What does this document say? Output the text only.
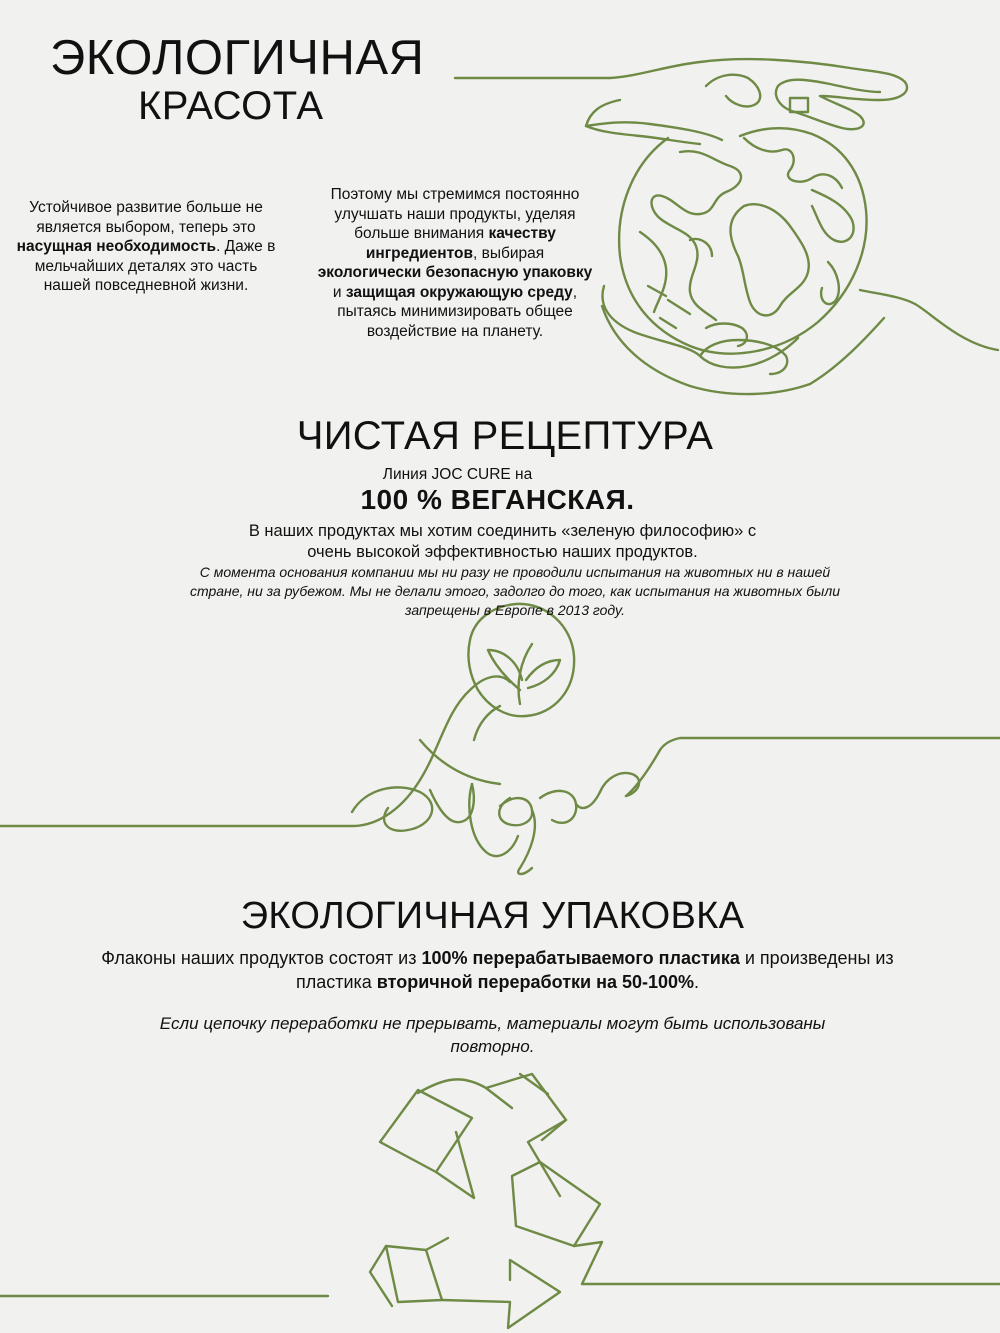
ЭКОЛОГИЧНАЯ
КРАСОТА
Устойчивое развитие больше не является выбором, теперь это насущная необходимость. Даже в мельчайших деталях это часть нашей повседневной жизни.
Поэтому мы стремимся постоянно улучшать наши продукты, уделяя больше внимания качеству ингредиентов, выбирая экологически безопасную упаковку и защищая окружающую среду, пытаясь минимизировать общее воздействие на планету.
ЧИСТАЯ РЕЦЕПТУРА
Линия JOC CURE на
100 % ВЕГАНСКАЯ.
В наших продуктах мы хотим соединить «зеленую философию» с очень высокой эффективностью наших продуктов.
С момента основания компании мы ни разу не проводили испытания на животных ни в нашей стране, ни за рубежом. Мы не делали этого, задолго до того, как испытания на животных были запрещены в Европе в 2013 году.
ЭКОЛОГИЧНАЯ УПАКОВКА
Флаконы наших продуктов состоят из 100% перерабатываемого пластика и произведены из пластика вторичной переработки на 50-100%.
Если цепочку переработки не прерывать, материалы могут быть использованы повторно.
